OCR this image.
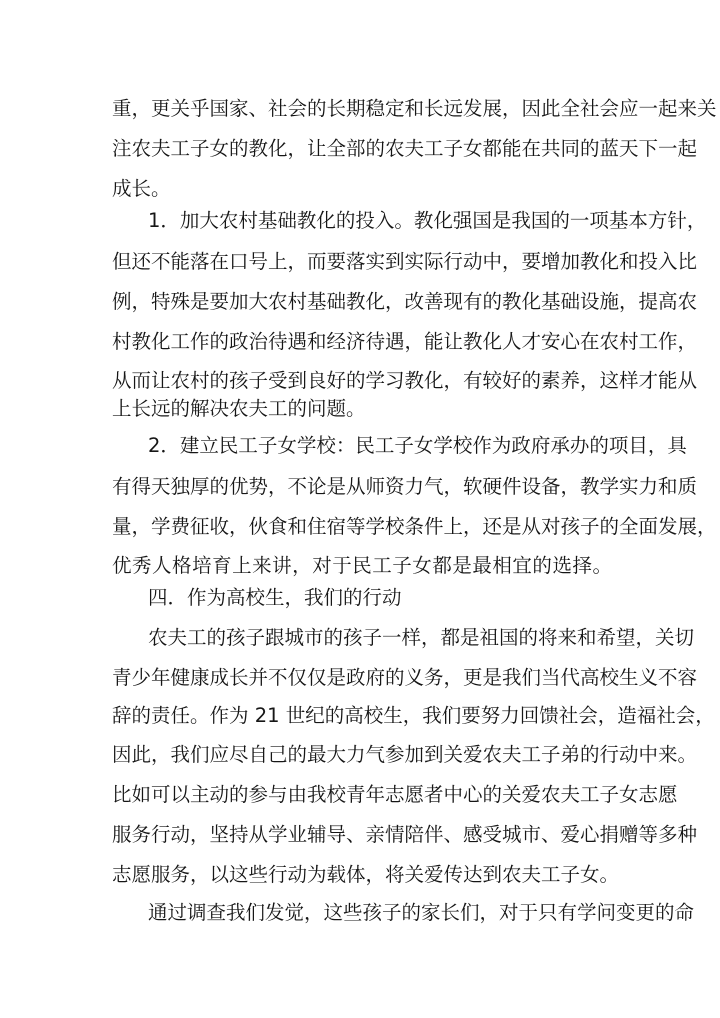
重，更关乎国家、社会的长期稳定和长远发展，因此全社会应一起来关
注农夫工子女的教化，让全部的农夫工子女都能在共同的蓝天下一起
成长。
1．加大农村基础教化的投入。教化强国是我国的一项基本方针，
但还不能落在口号上，而要落实到实际行动中，要增加教化和投入比
例，特殊是要加大农村基础教化，改善现有的教化基础设施，提高农
村教化工作的政治待遇和经济待遇，能让教化人才安心在农村工作，
从而让农村的孩子受到良好的学习教化，有较好的素养，这样才能从
上长远的解决农夫工的问题。
2．建立民工子女学校：民工子女学校作为政府承办的项目，具
有得天独厚的优势，不论是从师资力气，软硬件设备，教学实力和质
量，学费征收，伙食和住宿等学校条件上，还是从对孩子的全面发展，
优秀人格培育上来讲，对于民工子女都是最相宜的选择。
四．作为高校生，我们的行动
农夫工的孩子跟城市的孩子一样，都是祖国的将来和希望，关切
青少年健康成长并不仅仅是政府的义务，更是我们当代高校生义不容
辞的责任。作为 21 世纪的高校生，我们要努力回馈社会，造福社会，
因此，我们应尽自己的最大力气参加到关爱农夫工子弟的行动中来。
比如可以主动的参与由我校青年志愿者中心的关爱农夫工子女志愿
服务行动，坚持从学业辅导、亲情陪伴、感受城市、爱心捐赠等多种
志愿服务，以这些行动为载体，将关爱传达到农夫工子女。
通过调查我们发觉，这些孩子的家长们，对于只有学问变更的命
